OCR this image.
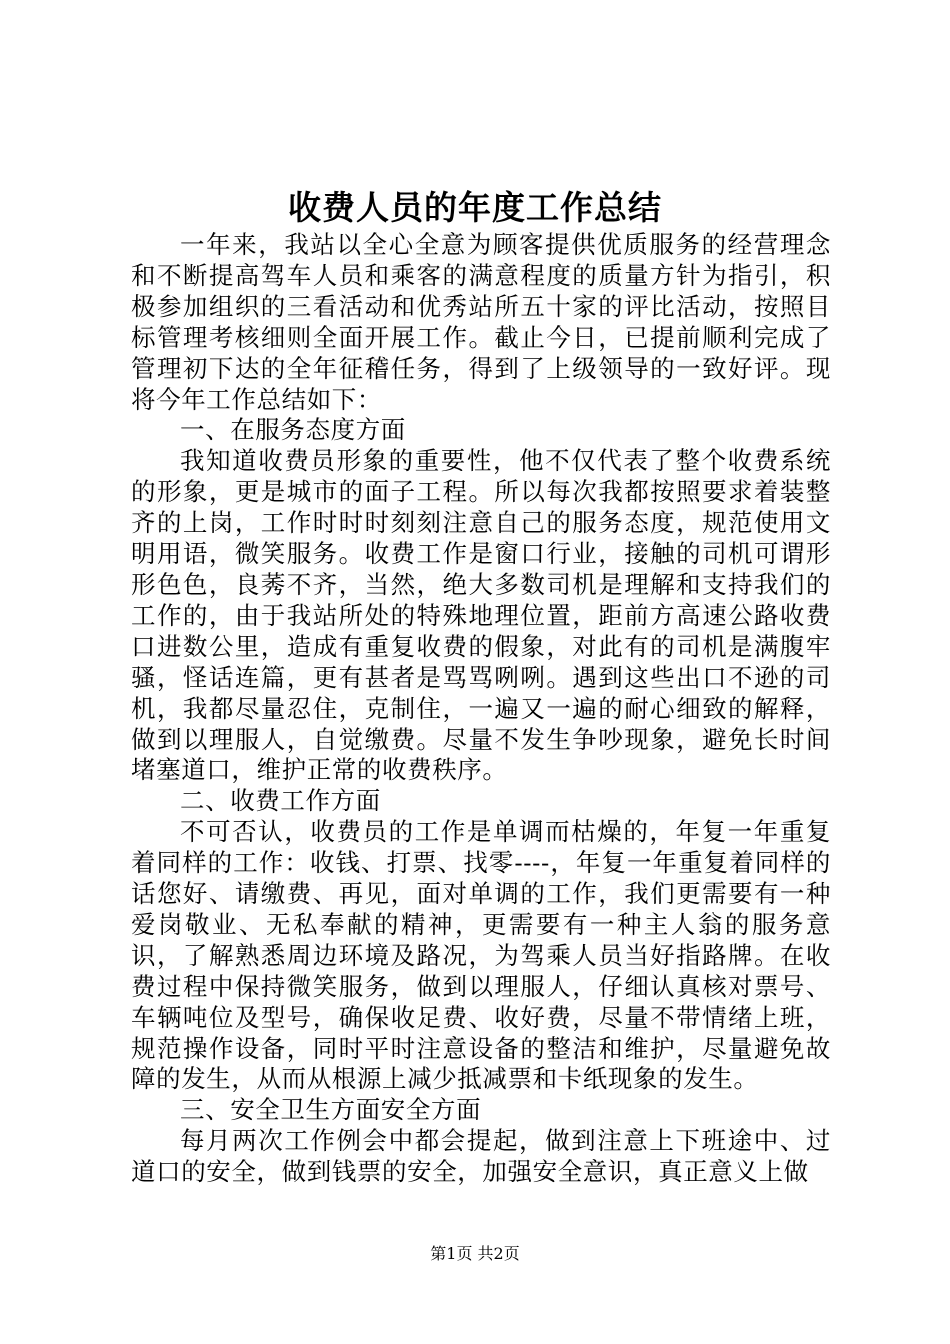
收费人员的年度工作总结

一年来，我站以全心全意为顾客提供优质服务的经营理念和不断提高驾车人员和乘客的满意程度的质量方针为指引，积极参加组织的三看活动和优秀站所五十家的评比活动，按照目标管理考核细则全面开展工作。截止今日，已提前顺利完成了管理初下达的全年征稽任务，得到了上级领导的一致好评。现将今年工作总结如下：

一、在服务态度方面

我知道收费员形象的重要性，他不仅代表了整个收费系统的形象，更是城市的面子工程。所以每次我都按照要求着装整齐的上岗，工作时时时刻刻注意自己的服务态度，规范使用文明用语，微笑服务。收费工作是窗口行业，接触的司机可谓形形色色，良莠不齐，当然，绝大多数司机是理解和支持我们的工作的，由于我站所处的特殊地理位置，距前方高速公路收费口进数公里，造成有重复收费的假象，对此有的司机是满腹牢骚，怪话连篇，更有甚者是骂骂咧咧。遇到这些出口不逊的司机，我都尽量忍住，克制住，一遍又一遍的耐心细致的解释，做到以理服人，自觉缴费。尽量不发生争吵现象，避免长时间堵塞道口，维护正常的收费秩序。

二、收费工作方面

不可否认，收费员的工作是单调而枯燥的，年复一年重复着同样的工作：收钱、打票、找零----，年复一年重复着同样的话您好、请缴费、再见，面对单调的工作，我们更需要有一种爱岗敬业、无私奉献的精神，更需要有一种主人翁的服务意识，了解熟悉周边环境及路况，为驾乘人员当好指路牌。在收费过程中保持微笑服务，做到以理服人，仔细认真核对票号、车辆吨位及型号，确保收足费、收好费，尽量不带情绪上班，规范操作设备，同时平时注意设备的整洁和维护，尽量避免故障的发生，从而从根源上减少抵减票和卡纸现象的发生。

三、安全卫生方面安全方面

每月两次工作例会中都会提起，做到注意上下班途中、过道口的安全，做到钱票的安全，加强安全意识，真正意义上做

第1页 共2页
